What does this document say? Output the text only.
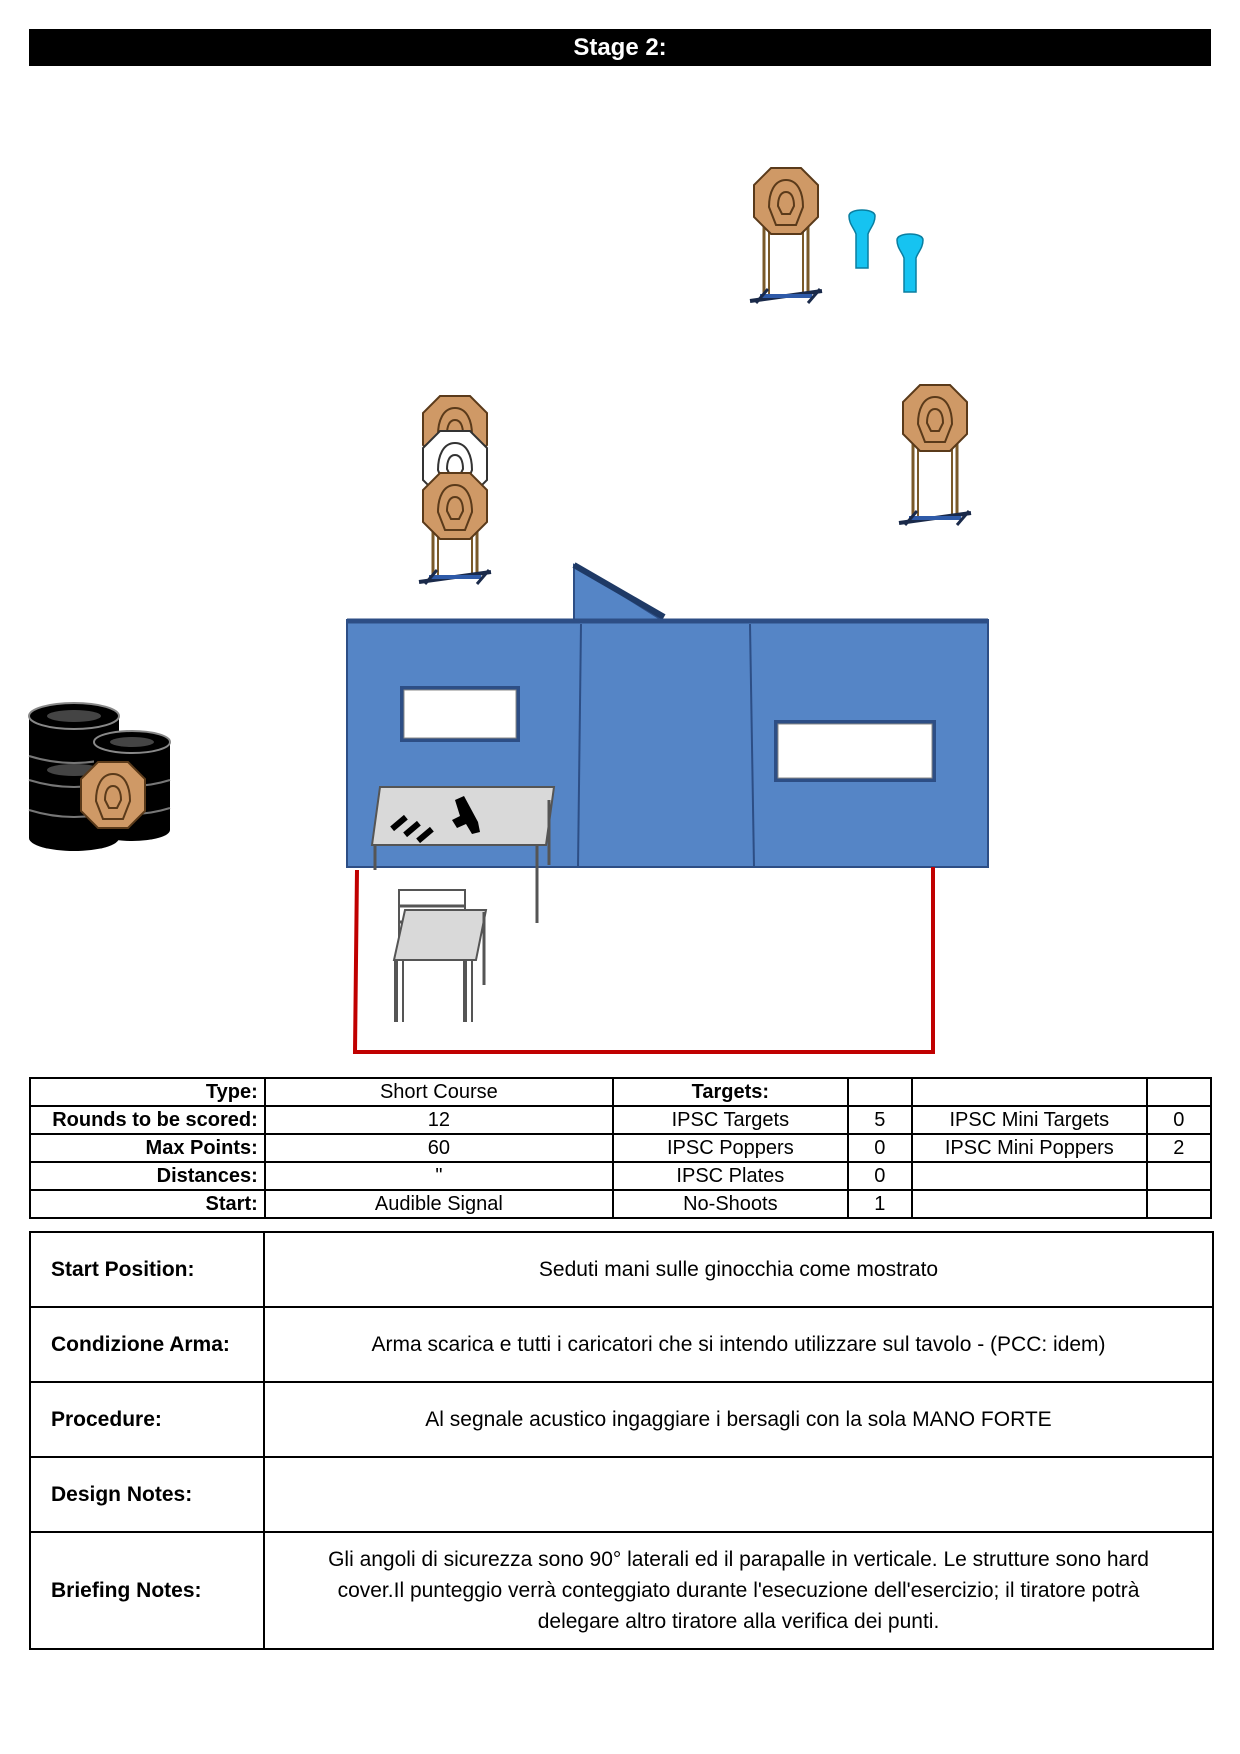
Stage 2:
Type:	Short Course	Targets:			
Rounds to be scored:	12	IPSC Targets	5	IPSC Mini Targets	0
Max Points:	60	IPSC Poppers	0	IPSC Mini Poppers	2
Distances:	"	IPSC Plates	0		
Start:	Audible Signal	No-Shoots	1		
Start Position:	Seduti mani sulle ginocchia come mostrato
Condizione Arma:	Arma scarica e tutti i caricatori che si intendo utilizzare sul tavolo - (PCC: idem)
Procedure:	Al segnale acustico ingaggiare i bersagli con la sola MANO FORTE
Design Notes:	
Briefing Notes:	Gli angoli di sicurezza sono 90° laterali ed il parapalle in verticale. Le strutture sono hard
cover.Il punteggio verrà conteggiato durante l'esecuzione dell'esercizio; il tiratore potrà
delegare altro tiratore alla verifica dei punti.
